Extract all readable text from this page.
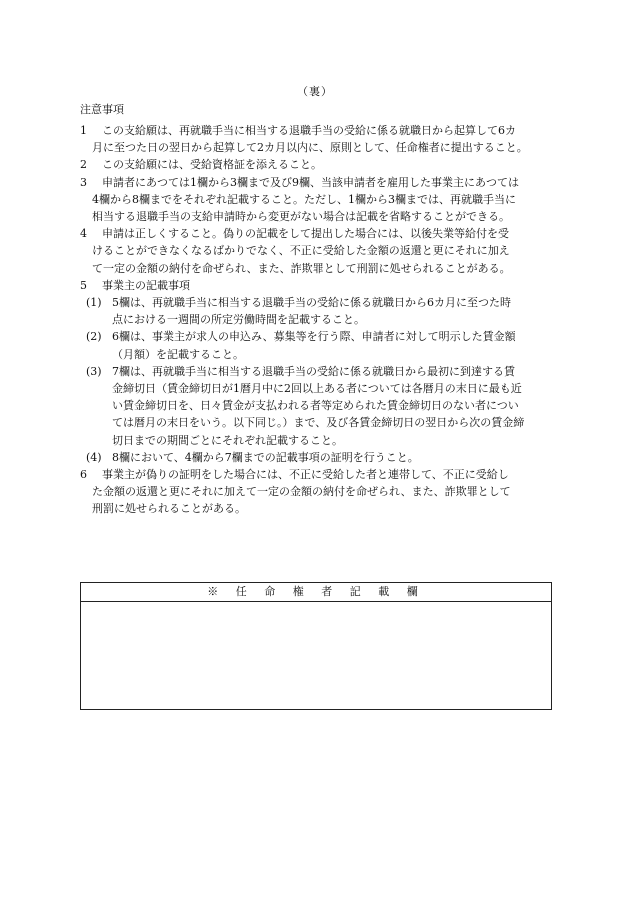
（裏）
注意事項
1 この支給願は、再就職手当に相当する退職手当の受給に係る就職日から起算して6カ
月に至つた日の翌日から起算して2カ月以内に、原則として、任命権者に提出すること。
2 この支給願には、受給資格証を添えること。
3 申請者にあつては1欄から3欄まで及び9欄、当該申請者を雇用した事業主にあつては
4欄から8欄までをそれぞれ記載すること。ただし、1欄から3欄までは、再就職手当に
相当する退職手当の支給申請時から変更がない場合は記載を省略することができる。
4 申請は正しくすること。偽りの記載をして提出した場合には、以後失業等給付を受
けることができなくなるばかりでなく、不正に受給した金額の返還と更にそれに加え
て一定の金額の納付を命ぜられ、また、詐欺罪として刑罰に処せられることがある。
5 事業主の記載事項
(1) 5欄は、再就職手当に相当する退職手当の受給に係る就職日から6カ月に至つた時
点における一週間の所定労働時間を記載すること。
(2) 6欄は、事業主が求人の申込み、募集等を行う際、申請者に対して明示した賃金額
（月額）を記載すること。
(3) 7欄は、再就職手当に相当する退職手当の受給に係る就職日から最初に到達する賃
金締切日（賃金締切日が1暦月中に2回以上ある者については各暦月の末日に最も近
い賃金締切日を、日々賃金が支払われる者等定められた賃金締切日のない者につい
ては暦月の末日をいう。以下同じ。）まで、及び各賃金締切日の翌日から次の賃金締
切日までの期間ごとにそれぞれ記載すること。
(4) 8欄において、4欄から7欄までの記載事項の証明を行うこと。
6 事業主が偽りの証明をした場合には、不正に受給した者と連帯して、不正に受給し
た金額の返還と更にそれに加えて一定の金額の納付を命ぜられ、また、詐欺罪として
刑罰に処せられることがある。
※ 任 命 権 者 記 載 欄
